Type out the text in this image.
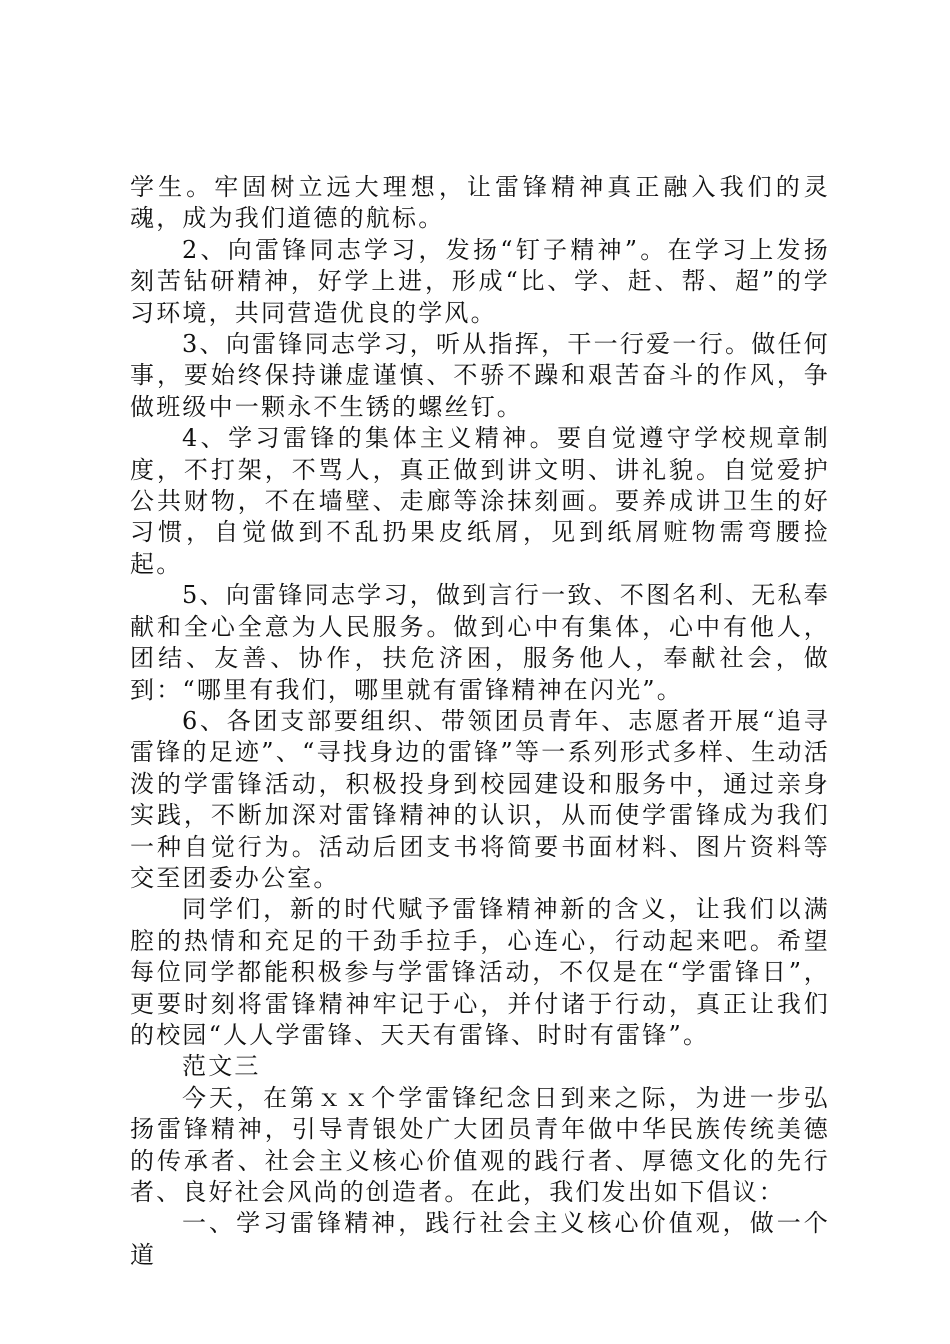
学生。牢固树立远大理想，让雷锋精神真正融入我们的灵魂，成为我们道德的航标。

2、向雷锋同志学习，发扬“钉子精神”。在学习上发扬刻苦钻研精神，好学上进，形成“比、学、赶、帮、超”的学习环境，共同营造优良的学风。

3、向雷锋同志学习，听从指挥，干一行爱一行。做任何事，要始终保持谦虚谨慎、不骄不躁和艰苦奋斗的作风，争做班级中一颗永不生锈的螺丝钉。

4、学习雷锋的集体主义精神。要自觉遵守学校规章制度，不打架，不骂人，真正做到讲文明、讲礼貌。自觉爱护公共财物，不在墙壁、走廊等涂抹刻画。要养成讲卫生的好习惯，自觉做到不乱扔果皮纸屑，见到纸屑赃物需弯腰捡起。

5、向雷锋同志学习，做到言行一致、不图名利、无私奉献和全心全意为人民服务。做到心中有集体，心中有他人，团结、友善、协作，扶危济困，服务他人，奉献社会，做到：“哪里有我们，哪里就有雷锋精神在闪光”。

6、各团支部要组织、带领团员青年、志愿者开展“追寻雷锋的足迹”、“寻找身边的雷锋”等一系列形式多样、生动活泼的学雷锋活动，积极投身到校园建设和服务中，通过亲身实践，不断加深对雷锋精神的认识，从而使学雷锋成为我们一种自觉行为。活动后团支书将简要书面材料、图片资料等交至团委办公室。

同学们，新的时代赋予雷锋精神新的含义，让我们以满腔的热情和充足的干劲手拉手，心连心，行动起来吧。希望每位同学都能积极参与学雷锋活动，不仅是在“学雷锋日”，更要时刻将雷锋精神牢记于心，并付诸于行动，真正让我们的校园“人人学雷锋、天天有雷锋、时时有雷锋”。

范文三

今天，在第ｘｘ个学雷锋纪念日到来之际，为进一步弘扬雷锋精神，引导青银处广大团员青年做中华民族传统美德的传承者、社会主义核心价值观的践行者、厚德文化的先行者、良好社会风尚的创造者。在此，我们发出如下倡议：

一、学习雷锋精神，践行社会主义核心价值观，做一个道
